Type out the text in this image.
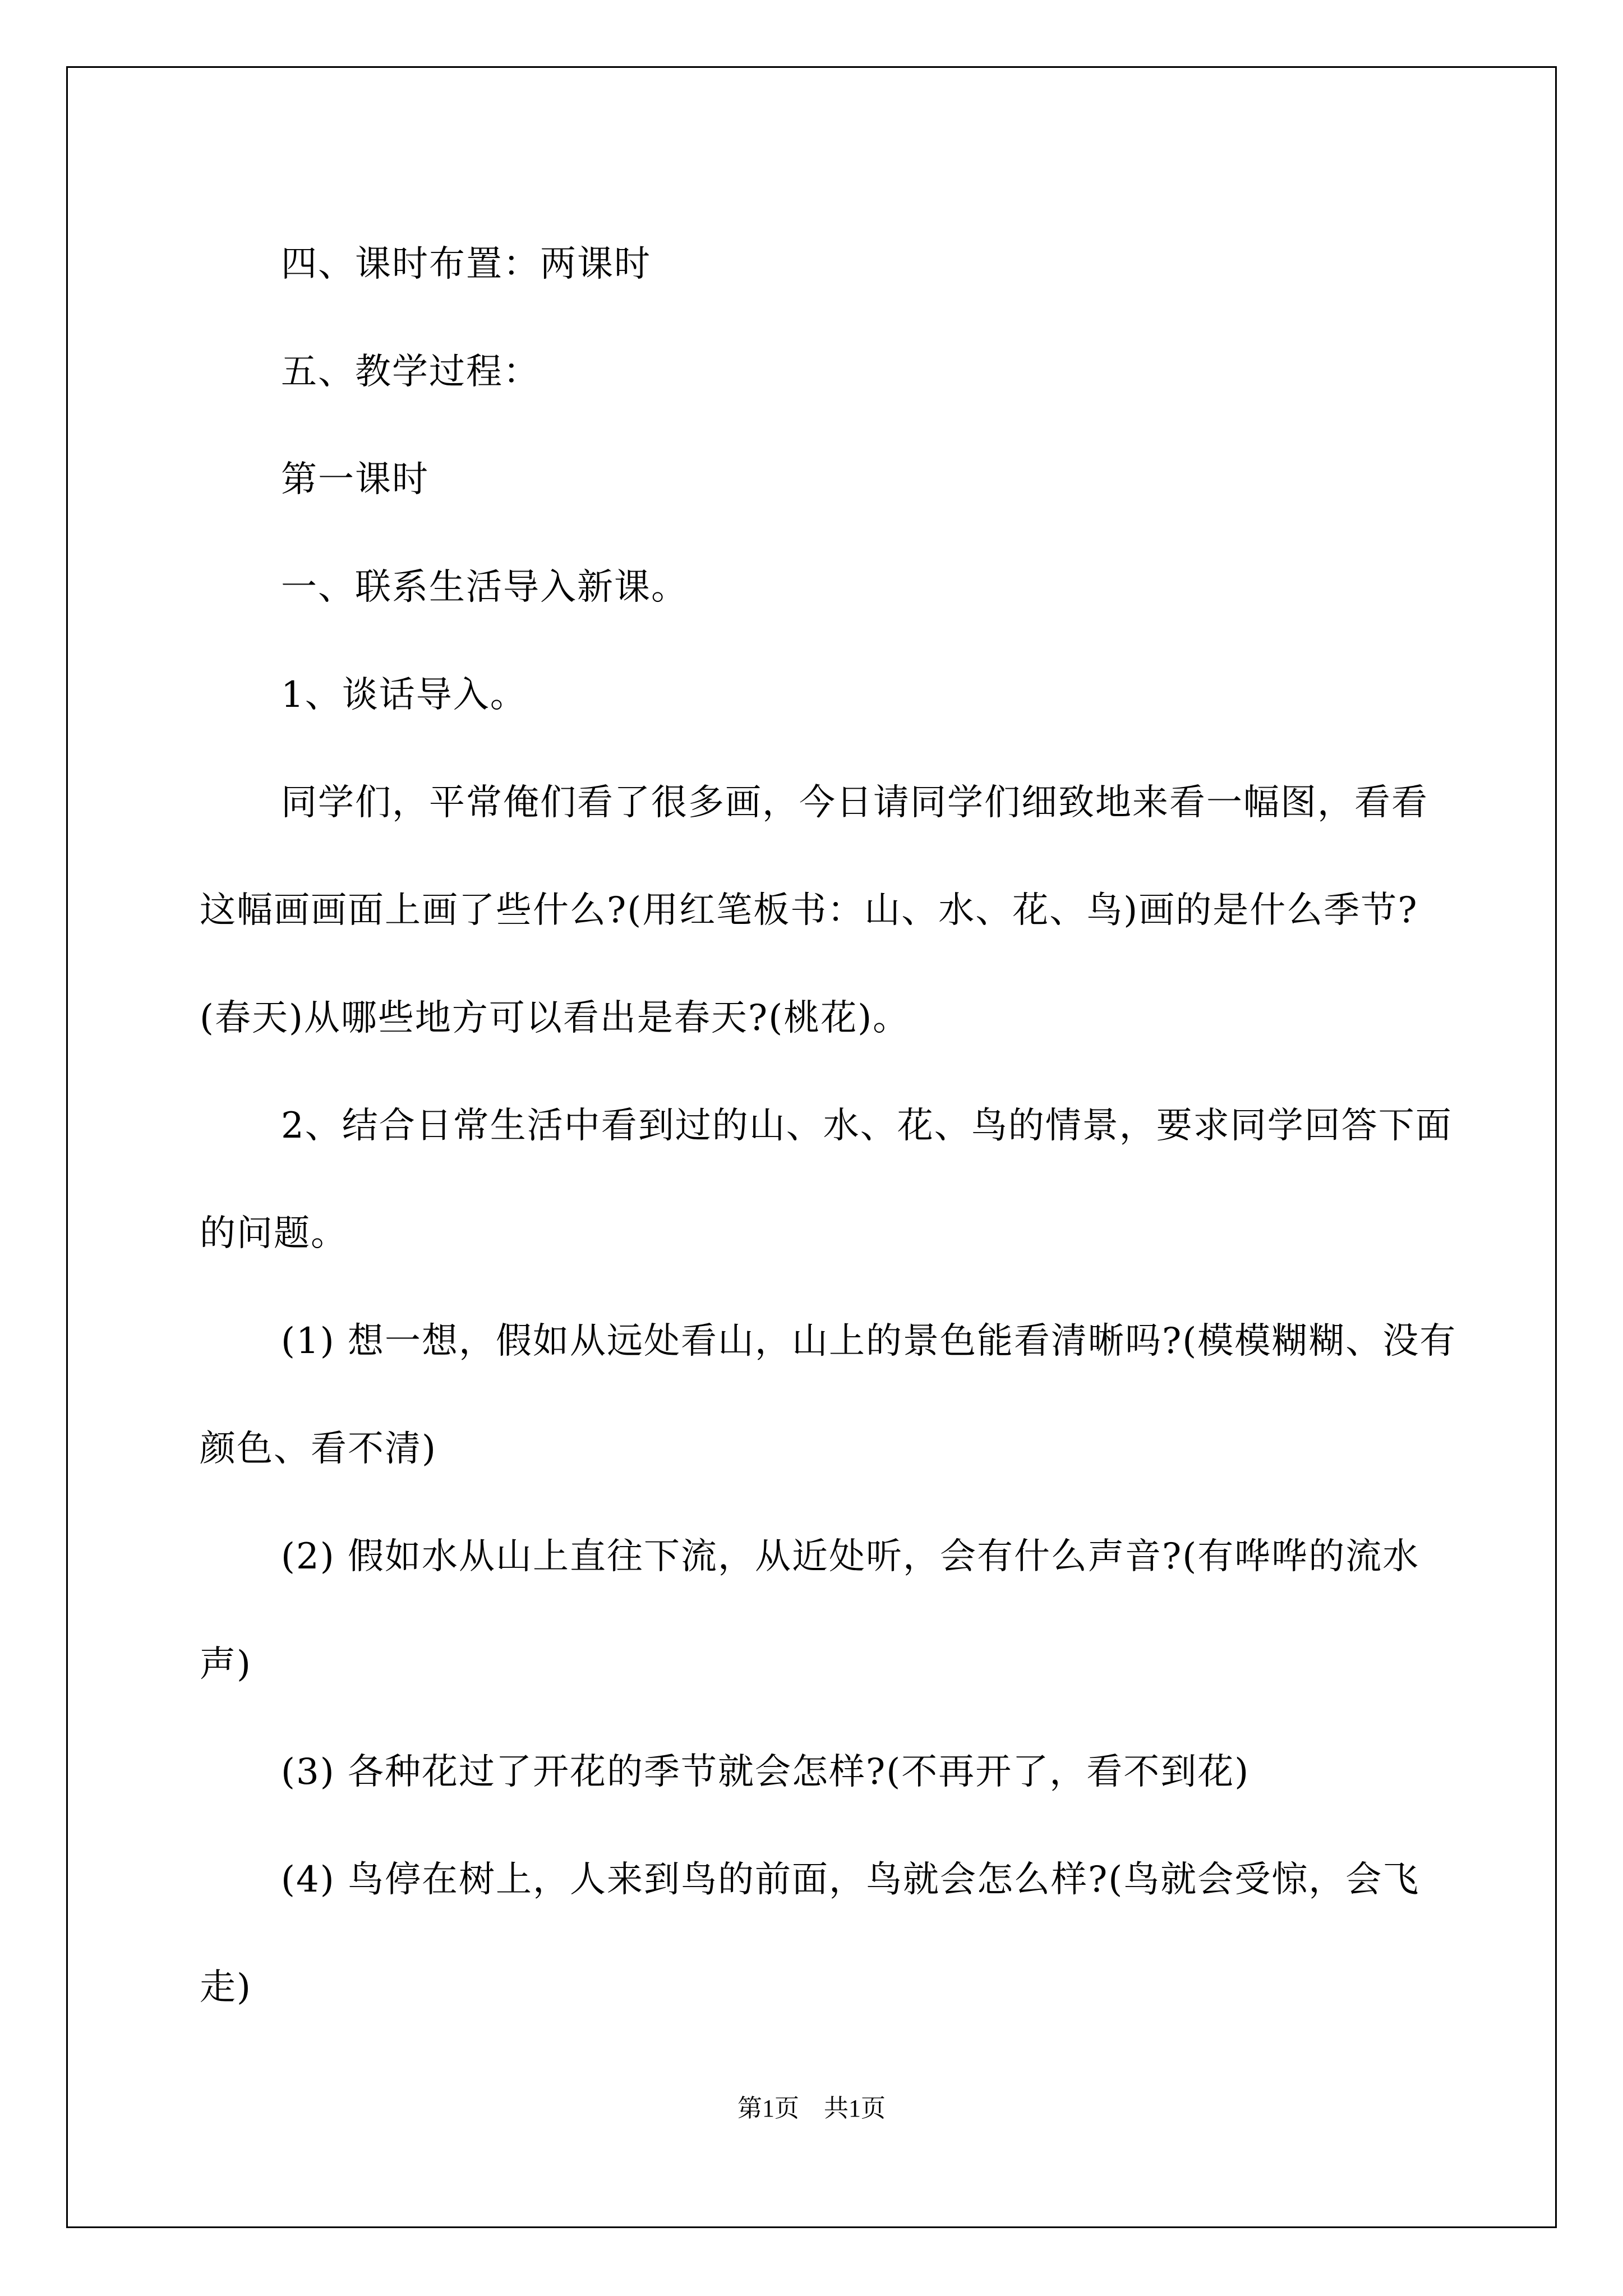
四、课时布置：两课时

五、教学过程：

第一课时

一、联系生活导入新课。

1、谈话导入。

同学们，平常俺们看了很多画，今日请同学们细致地来看一幅图，看看这幅画画面上画了些什么?(用红笔板书：山、水、花、鸟)画的是什么季节?(春天)从哪些地方可以看出是春天?(桃花)。

2、结合日常生活中看到过的山、水、花、鸟的情景，要求同学回答下面的问题。

(1) 想一想，假如从远处看山，山上的景色能看清晰吗?(模模糊糊、没有颜色、看不清)

(2) 假如水从山上直往下流，从近处听，会有什么声音?(有哗哗的流水声)

(3) 各种花过了开花的季节就会怎样?(不再开了，看不到花)

(4) 鸟停在树上，人来到鸟的前面，鸟就会怎么样?(鸟就会受惊，会飞走)

第1页　共1页
